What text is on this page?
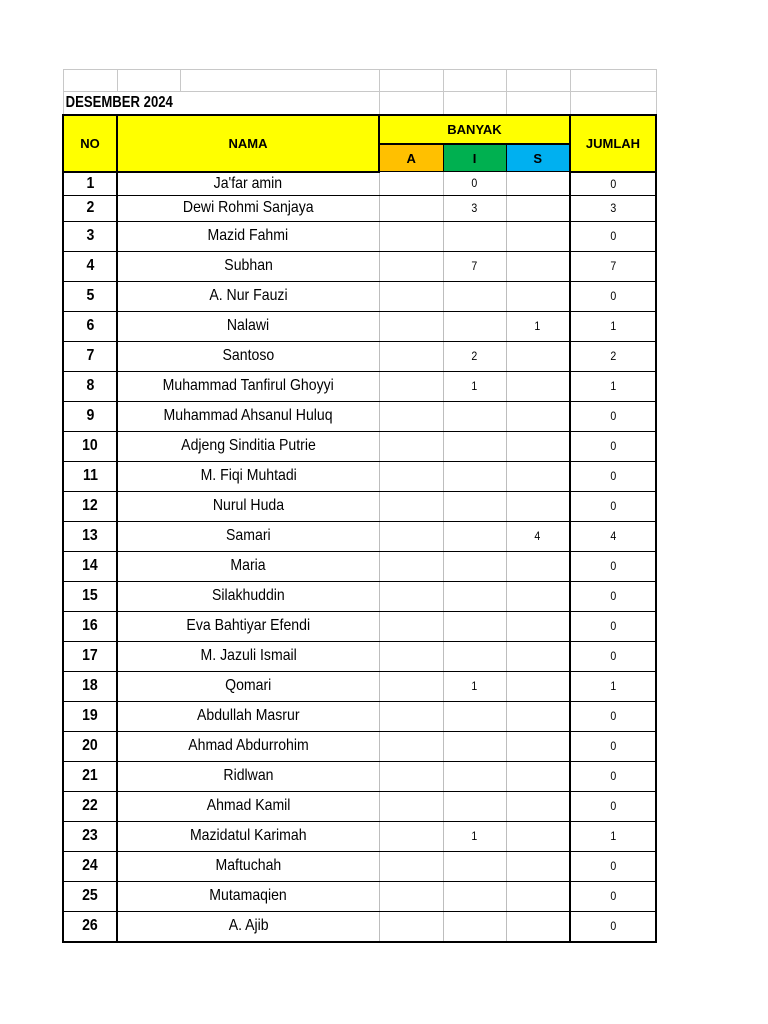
DESEMBER 2024						
NO	NAMA		BANYAK			JUMLAH
			A	I	S	
1	Ja'far amin			0		0
2	Dewi Rohmi Sanjaya			3		3
3	Mazid Fahmi					0
4	Subhan			7		7
5	A. Nur Fauzi					0
6	Nalawi				1	1
7	Santoso			2		2
8	Muhammad Tanfirul Ghoyyi			1		1
9	Muhammad Ahsanul Huluq					0
10	Adjeng Sinditia Putrie					0
11	M. Fiqi Muhtadi					0
12	Nurul Huda					0
13	Samari				4	4
14	Maria					0
15	Silakhuddin					0
16	Eva Bahtiyar Efendi					0
17	M. Jazuli Ismail					0
18	Qomari			1		1
19	Abdullah Masrur					0
20	Ahmad Abdurrohim					0
21	Ridlwan					0
22	Ahmad Kamil					0
23	Mazidatul Karimah			1		1
24	Maftuchah					0
25	Mutamaqien					0
26	A. Ajib					0
